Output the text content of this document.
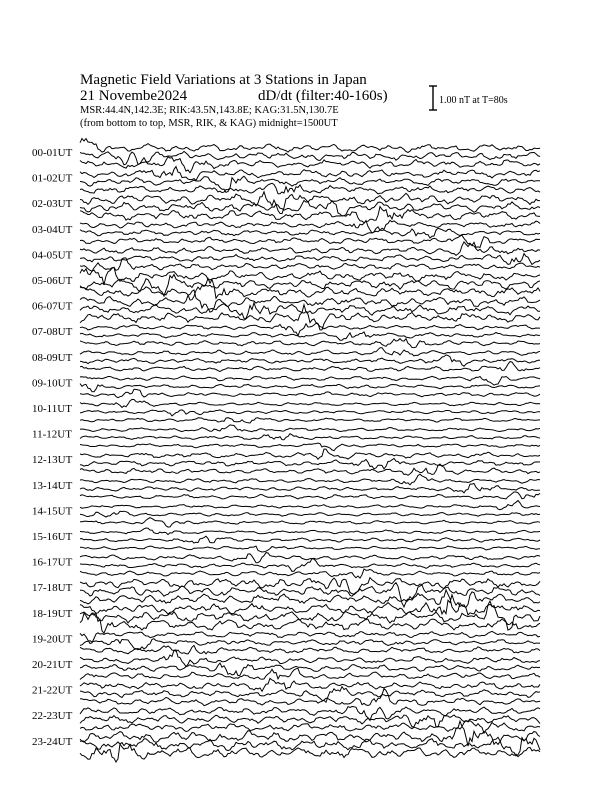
Magnetic Field Variations at 3 Stations in Japan
21 Novembe2024	dD/dt (filter:40-160s)
MSR:44.4N,142.3E; RIK:43.5N,143.8E; KAG:31.5N,130.7E
(from bottom to top, MSR, RIK, & KAG) midnight=1500UT
1.00 nT at T=80s
00-01UT
01-02UT
02-03UT
03-04UT
04-05UT
05-06UT
06-07UT
07-08UT
08-09UT
09-10UT
10-11UT
11-12UT
12-13UT
13-14UT
14-15UT
15-16UT
16-17UT
17-18UT
18-19UT
19-20UT
20-21UT
21-22UT
22-23UT
23-24UT
